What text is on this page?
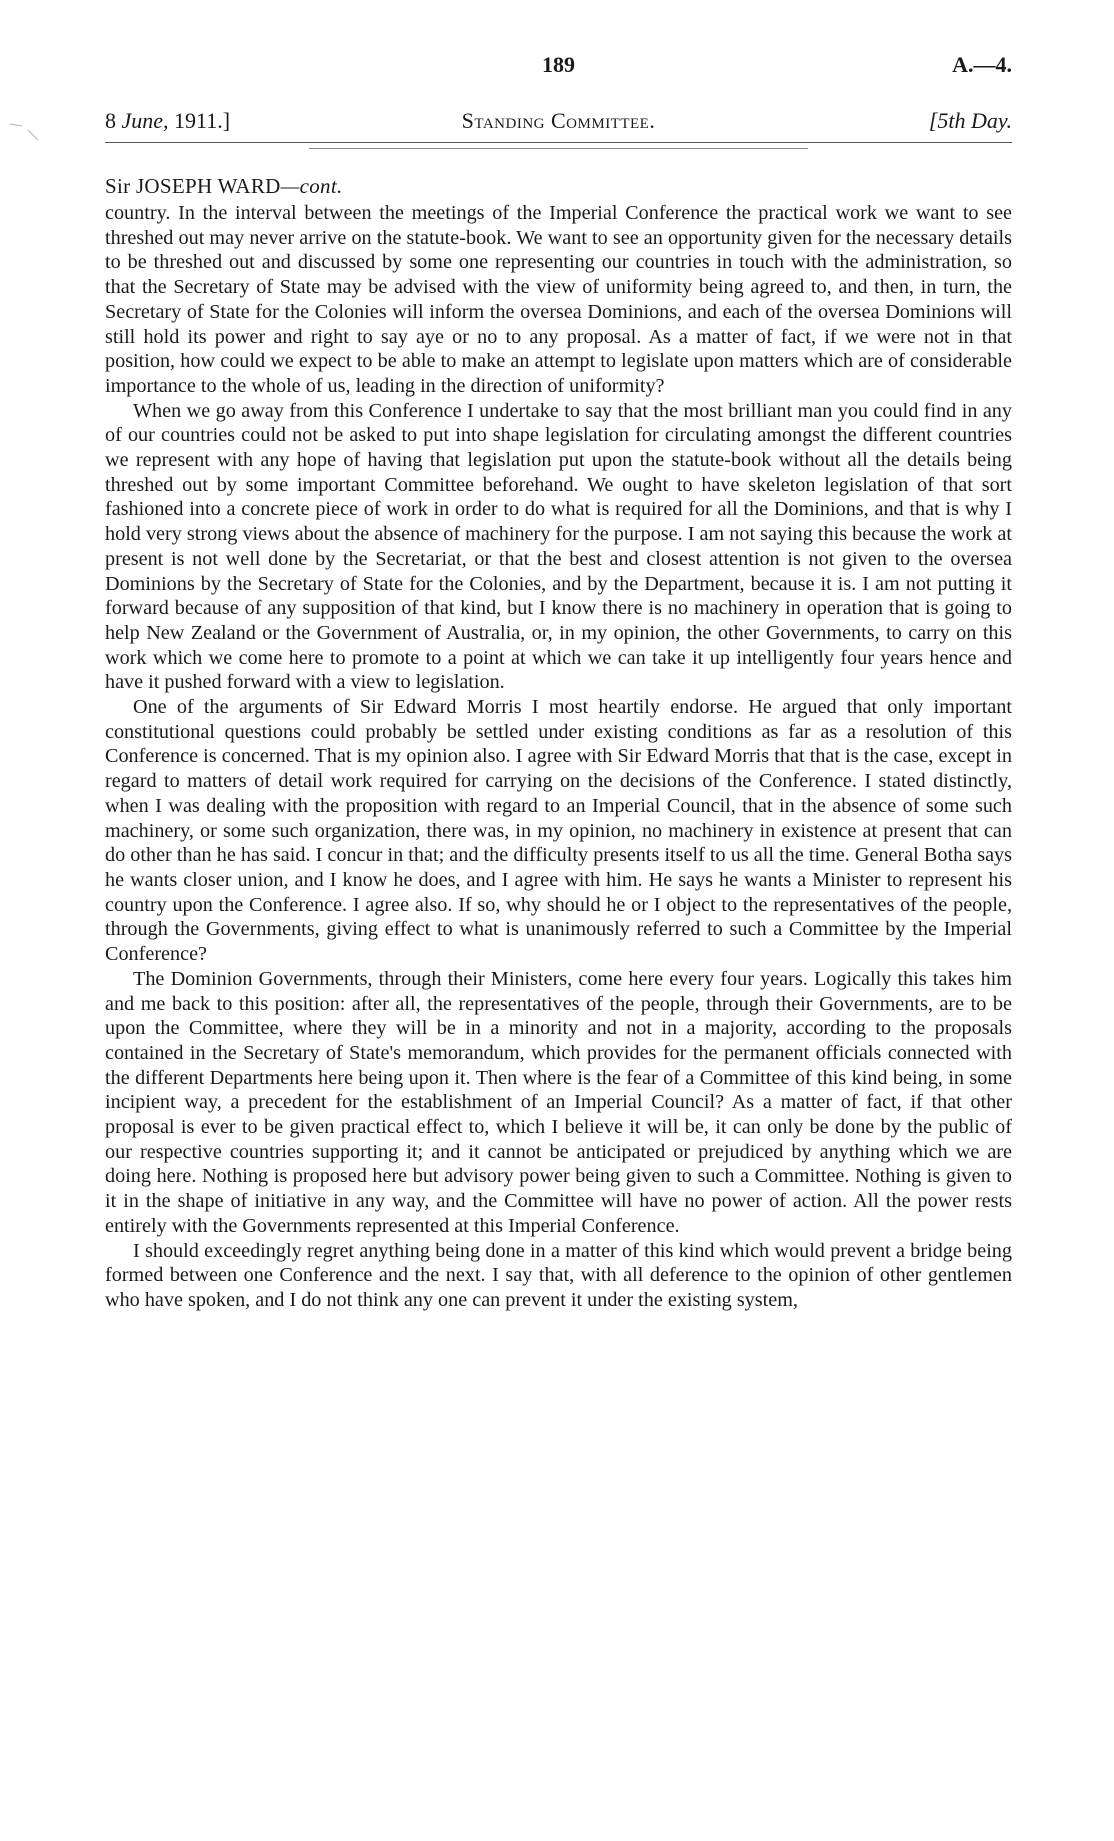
189	A.—4.
8 June, 1911.]	Standing Committee.	[5th Day.
Sir JOSEPH WARD—cont.

country. In the interval between the meetings of the Imperial Conference the practical work we want to see threshed out may never arrive on the statute-book. We want to see an opportunity given for the necessary details to be threshed out and discussed by some one representing our countries in touch with the administration, so that the Secretary of State may be advised with the view of uniformity being agreed to, and then, in turn, the Secretary of State for the Colonies will inform the oversea Dominions, and each of the oversea Dominions will still hold its power and right to say aye or no to any proposal. As a matter of fact, if we were not in that position, how could we expect to be able to make an attempt to legislate upon matters which are of considerable importance to the whole of us, leading in the direction of uniformity?

When we go away from this Conference I undertake to say that the most brilliant man you could find in any of our countries could not be asked to put into shape legislation for circulating amongst the different countries we represent with any hope of having that legislation put upon the statute-book without all the details being threshed out by some important Committee beforehand. We ought to have skeleton legislation of that sort fashioned into a concrete piece of work in order to do what is required for all the Dominions, and that is why I hold very strong views about the absence of machinery for the purpose. I am not saying this because the work at present is not well done by the Secretariat, or that the best and closest attention is not given to the oversea Dominions by the Secretary of State for the Colonies, and by the Department, because it is. I am not putting it forward because of any supposition of that kind, but I know there is no machinery in operation that is going to help New Zealand or the Government of Australia, or, in my opinion, the other Governments, to carry on this work which we come here to promote to a point at which we can take it up intelligently four years hence and have it pushed forward with a view to legislation.

One of the arguments of Sir Edward Morris I most heartily endorse. He argued that only important constitutional questions could probably be settled under existing conditions as far as a resolution of this Conference is concerned. That is my opinion also. I agree with Sir Edward Morris that that is the case, except in regard to matters of detail work required for carrying on the decisions of the Conference. I stated distinctly, when I was dealing with the proposition with regard to an Imperial Council, that in the absence of some such machinery, or some such organization, there was, in my opinion, no machinery in existence at present that can do other than he has said. I concur in that; and the difficulty presents itself to us all the time. General Botha says he wants closer union, and I know he does, and I agree with him. He says he wants a Minister to represent his country upon the Conference. I agree also. If so, why should he or I object to the representatives of the people, through the Governments, giving effect to what is unanimously referred to such a Committee by the Imperial Conference?

The Dominion Governments, through their Ministers, come here every four years. Logically this takes him and me back to this position: after all, the representatives of the people, through their Governments, are to be upon the Committee, where they will be in a minority and not in a majority, according to the proposals contained in the Secretary of State's memorandum, which provides for the permanent officials connected with the different Departments here being upon it. Then where is the fear of a Committee of this kind being, in some incipient way, a precedent for the establishment of an Imperial Council? As a matter of fact, if that other proposal is ever to be given practical effect to, which I believe it will be, it can only be done by the public of our respective countries supporting it; and it cannot be anticipated or prejudiced by anything which we are doing here. Nothing is proposed here but advisory power being given to such a Committee. Nothing is given to it in the shape of initiative in any way, and the Committee will have no power of action. All the power rests entirely with the Governments represented at this Imperial Conference.

I should exceedingly regret anything being done in a matter of this kind which would prevent a bridge being formed between one Conference and the next. I say that, with all deference to the opinion of other gentlemen who have spoken, and I do not think any one can prevent it under the existing system,
